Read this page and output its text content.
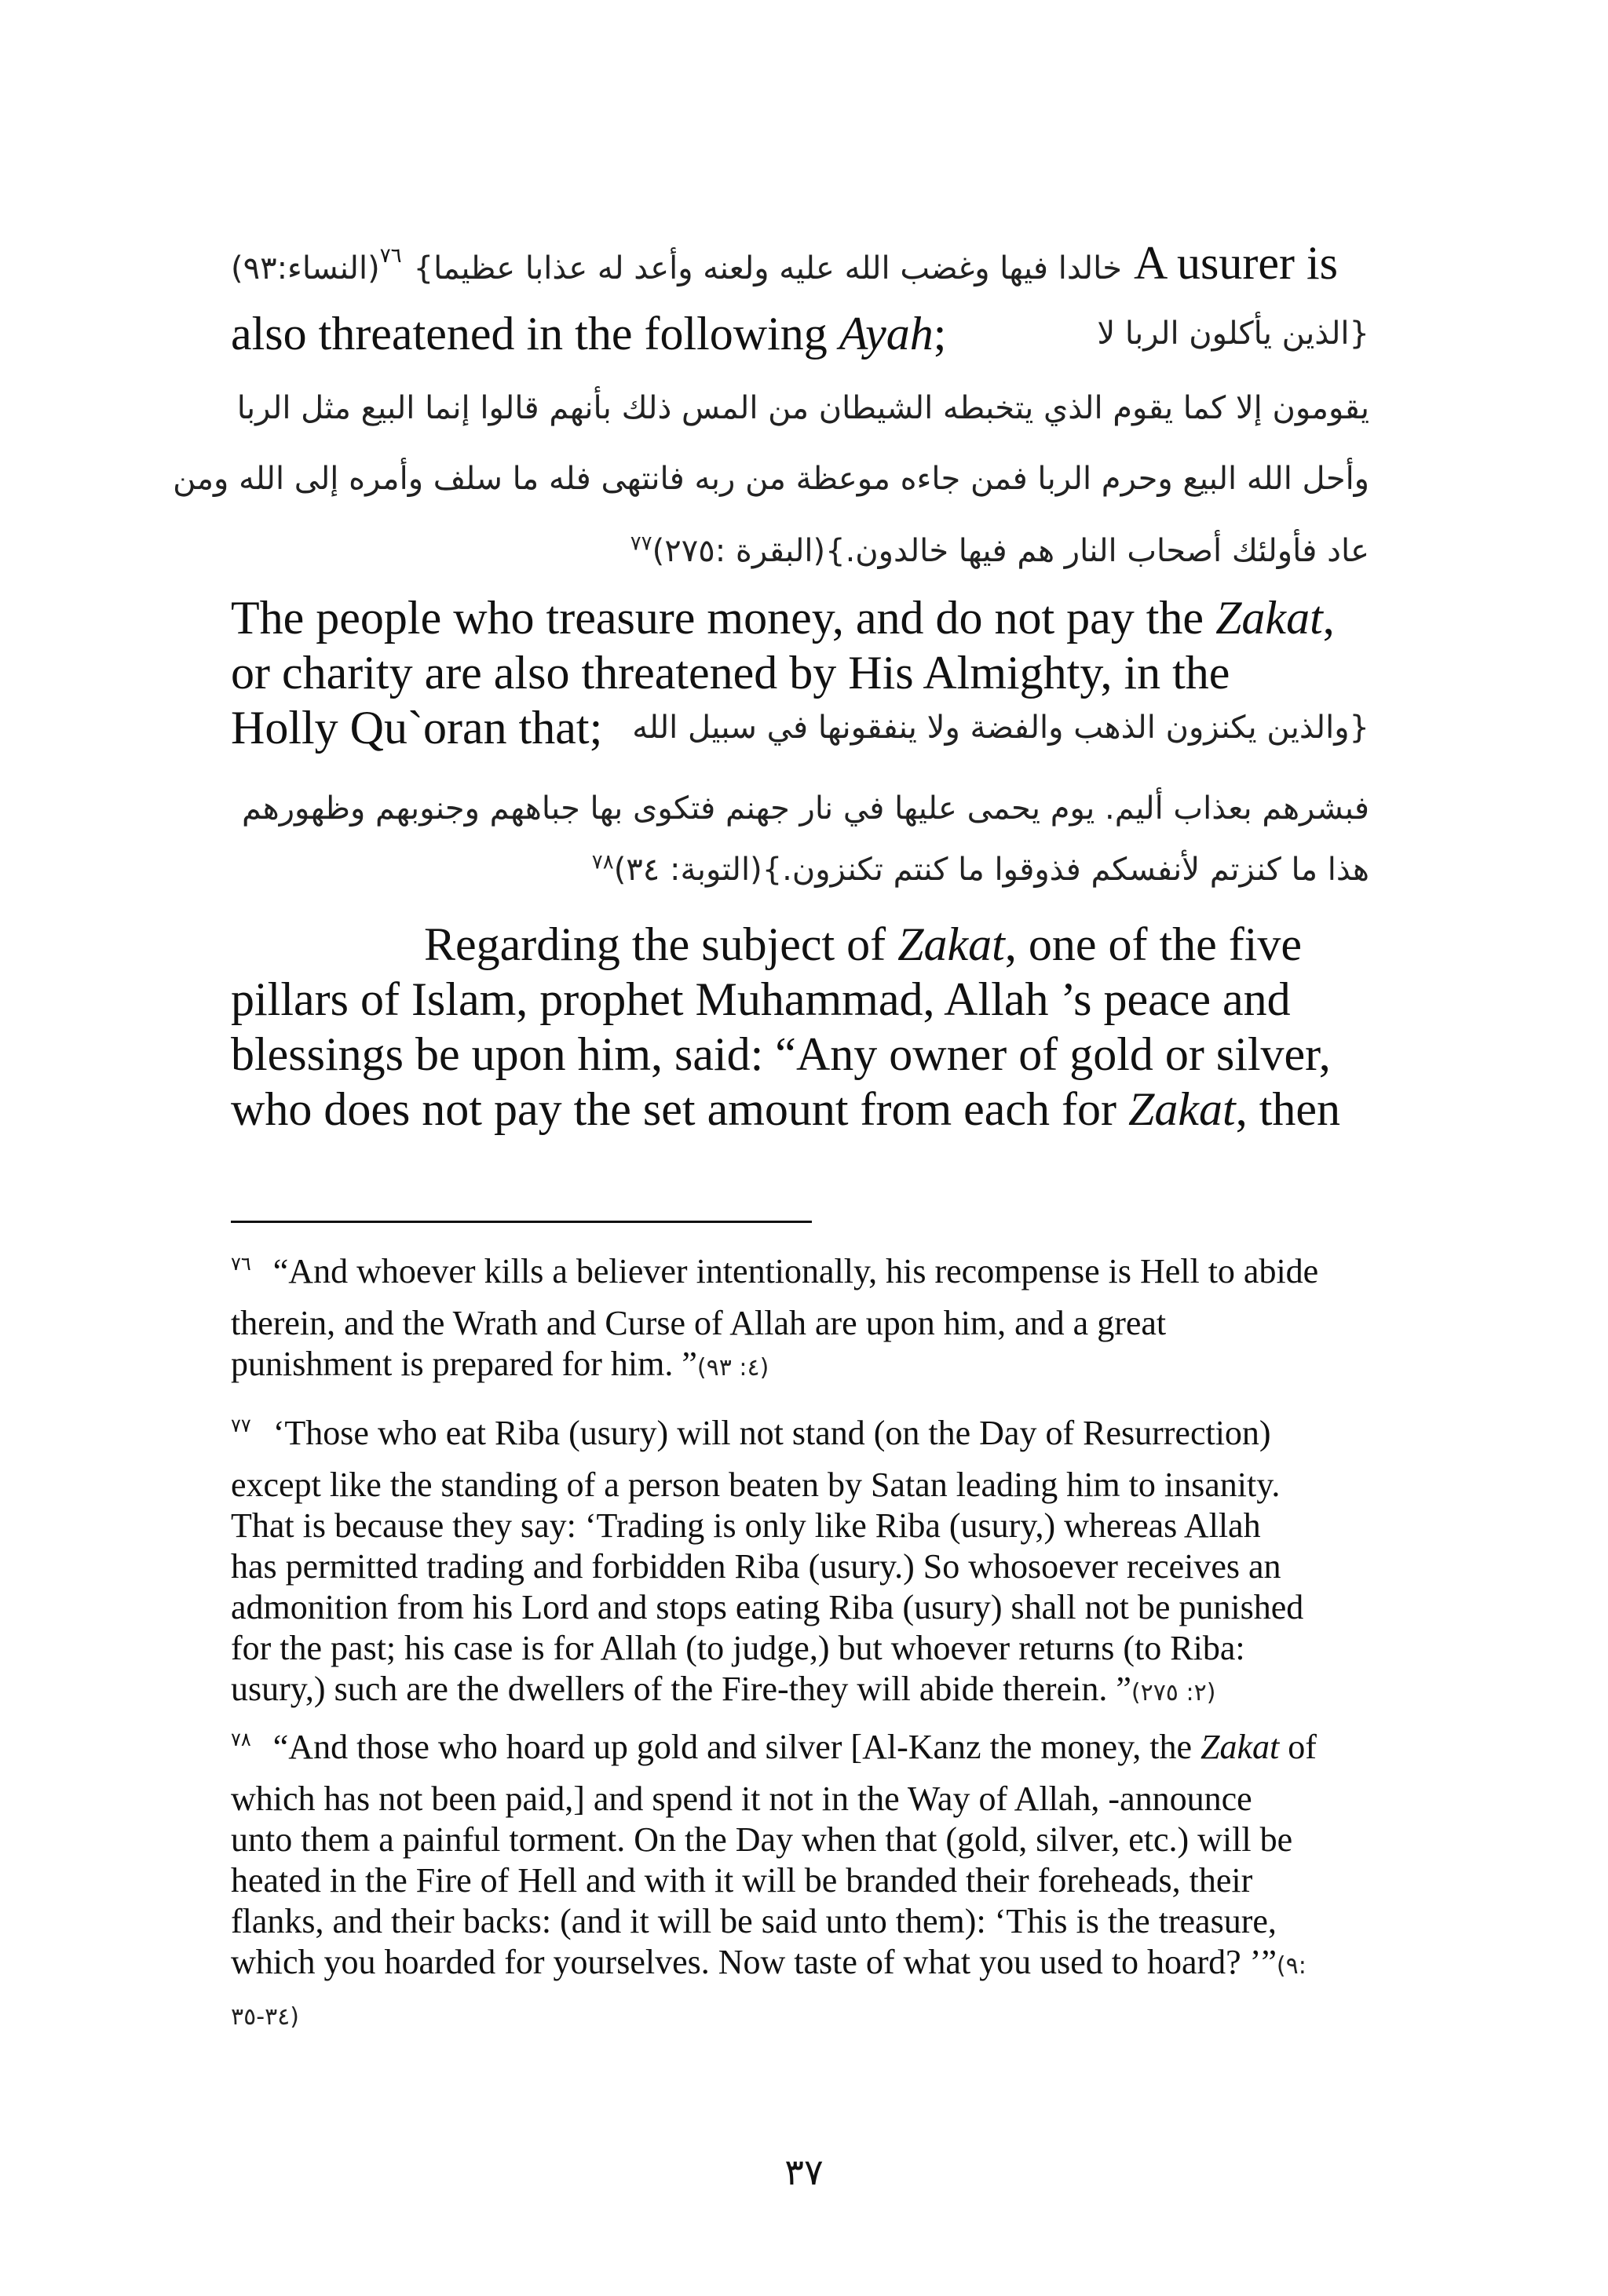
$^{٧٦}$(النساء:٩٣) خالدا فيها وغضب الله عليه ولعنه وأعد له عذابا عظيما} A usurer is
also threatened in the following Ayah;	{الذين يأكلون الربا لا
يقومون إلا كما يقوم الذي يتخبطه الشيطان من المس ذلك بأنهم قالوا إنما البيع مثل الربا
وأحل الله البيع وحرم الربا فمن جاءه موعظة من ربه فانتهى فله ما سلف وأمره إلى الله ومن
عاد فأولئك أصحاب النار هم فيها خالدون.}(البقرة :٢٧٥)$^{٧٧}$
The people who treasure money, and do not pay the Zakat,
or charity are also threatened by His Almighty, in the
Holly Qu`oran that; {والذين يكنزون الذهب والفضة ولا ينفقونها في سبيل الله
فبشرهم بعذاب أليم. يوم يحمى عليها في نار جهنم فتكوى بها جباههم وجنوبهم وظهورهم
هذا ما كنزتم لأنفسكم فذوقوا ما كنتم تكنزون.}(التوبة: ٣٤)$^{٧٨}$
Regarding the subject of Zakat, one of the five
pillars of Islam, prophet Muhammad, Allah ’s peace and
blessings be upon him, said: “Any owner of gold or silver,
who does not pay the set amount from each for Zakat, then
$^{٧٦}$ “And whoever kills a believer intentionally, his recompense is Hell to abide
therein, and the Wrath and Curse of Allah are upon him, and a great
punishment is prepared for him. ”(٤: ٩٣)
$^{٧٧}$ ‘Those who eat Riba (usury) will not stand (on the Day of Resurrection)
except like the standing of a person beaten by Satan leading him to insanity.
That is because they say: ‘Trading is only like Riba (usury,) whereas Allah
has permitted trading and forbidden Riba (usury.) So whosoever receives an
admonition from his Lord and stops eating Riba (usury) shall not be punished
for the past; his case is for Allah (to judge,) but whoever returns (to Riba:
usury,) such are the dwellers of the Fire-they will abide therein. ”(٢: ٢٧٥)
$^{٧٨}$ “And those who hoard up gold and silver [Al-Kanz the money, the Zakat of
which has not been paid,] and spend it not in the Way of Allah, -announce
unto them a painful torment. On the Day when that (gold, silver, etc.) will be
heated in the Fire of Hell and with it will be branded their foreheads, their
flanks, and their backs: (and it will be said unto them): ‘This is the treasure,
which you hoarded for yourselves. Now taste of what you used to hoard? ’”(٩:
٣٤-٣٥)
٣٧
